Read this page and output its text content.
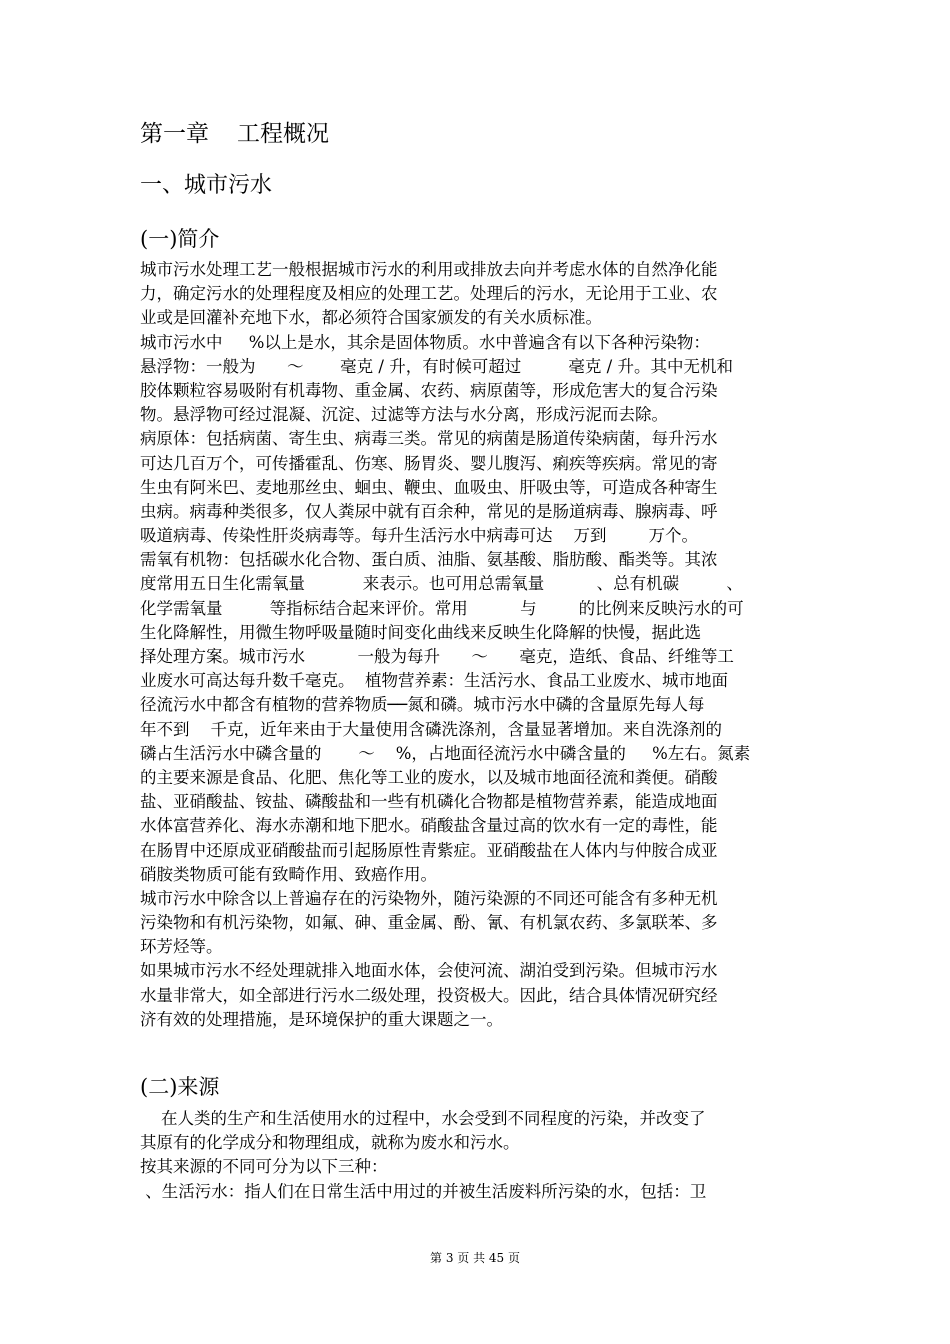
第一章 工程概况
一、城市污水
(一)简介
城市污水处理工艺一般根据城市污水的利用或排放去向并考虑水体的自然净化能
力，确定污水的处理程度及相应的处理工艺。处理后的污水，无论用于工业、农
业或是回灌补充地下水，都必须符合国家颁发的有关水质标准。
城市污水中     %以上是水，其余是固体物质。水中普遍含有以下各种污染物：
悬浮物：一般为      ～       毫克 / 升，有时候可超过         毫克 / 升。其中无机和
胶体颗粒容易吸附有机毒物、重金属、农药、病原菌等，形成危害大的复合污染
物。悬浮物可经过混凝、沉淀、过滤等方法与水分离，形成污泥而去除。
病原体：包括病菌、寄生虫、病毒三类。常见的病菌是肠道传染病菌，每升污水
可达几百万个，可传播霍乱、伤寒、肠胃炎、婴儿腹泻、痢疾等疾病。常见的寄
生虫有阿米巴、麦地那丝虫、蛔虫、鞭虫、血吸虫、肝吸虫等，可造成各种寄生
虫病。病毒种类很多，仅人粪尿中就有百余种，常见的是肠道病毒、腺病毒、呼
吸道病毒、传染性肝炎病毒等。每升生活污水中病毒可达    万到        万个。
需氧有机物：包括碳水化合物、蛋白质、油脂、氨基酸、脂肪酸、酯类等。其浓
度常用五日生化需氧量           来表示。也可用总需氧量          、总有机碳         、
化学需氧量         等指标结合起来评价。常用          与        的比例来反映污水的可
生化降解性，用微生物呼吸量随时间变化曲线来反映生化降解的快慢，据此选
择处理方案。城市污水          一般为每升      ～      毫克，造纸、食品、纤维等工
业废水可高达每升数千毫克。  植物营养素：生活污水、食品工业废水、城市地面
径流污水中都含有植物的营养物质──氮和磷。城市污水中磷的含量原先每人每
年不到    千克，近年来由于大量使用含磷洗涤剂，含量显著增加。来自洗涤剂的
磷占生活污水中磷含量的       ～    %，占地面径流污水中磷含量的     %左右。氮素
的主要来源是食品、化肥、焦化等工业的废水，以及城市地面径流和粪便。硝酸
盐、亚硝酸盐、铵盐、磷酸盐和一些有机磷化合物都是植物营养素，能造成地面
水体富营养化、海水赤潮和地下肥水。硝酸盐含量过高的饮水有一定的毒性，能
在肠胃中还原成亚硝酸盐而引起肠原性青紫症。亚硝酸盐在人体内与仲胺合成亚
硝胺类物质可能有致畸作用、致癌作用。
城市污水中除含以上普遍存在的污染物外，随污染源的不同还可能含有多种无机
污染物和有机污染物，如氟、砷、重金属、酚、氰、有机氯农药、多氯联苯、多
环芳烃等。
如果城市污水不经处理就排入地面水体，会使河流、湖泊受到污染。但城市污水
水量非常大，如全部进行污水二级处理，投资极大。因此，结合具体情况研究经
济有效的处理措施，是环境保护的重大课题之一。
(二)来源
在人类的生产和生活使用水的过程中，水会受到不同程度的污染，并改变了
其原有的化学成分和物理组成，就称为废水和污水。
按其来源的不同可分为以下三种：
、生活污水：指人们在日常生活中用过的并被生活废料所污染的水，包括：卫
第 3 页 共 45 页
